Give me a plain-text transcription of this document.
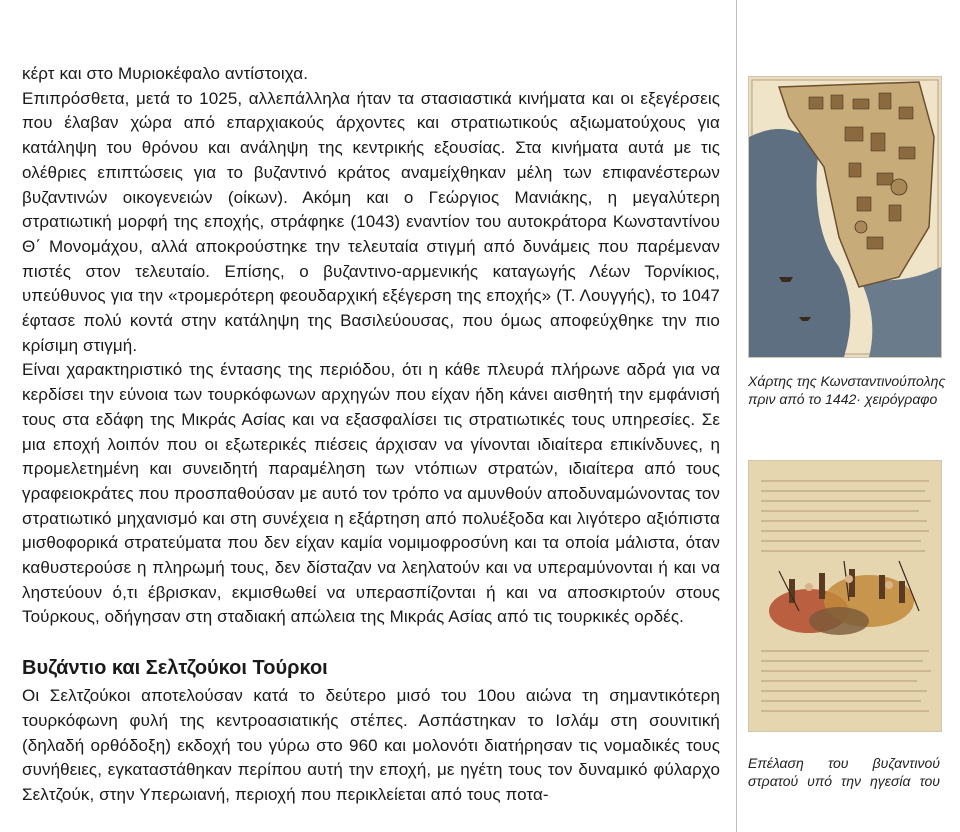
κέρτ και στο Μυριοκέφαλο αντίστοιχα.

Επιπρόσθετα, μετά το 1025, αλλεπάλληλα ήταν τα στασιαστικά κινήματα και οι εξεγέρσεις που έλαβαν χώρα από επαρχιακούς άρχοντες και στρατιωτικούς αξιωματούχους για κατάληψη του θρόνου και ανάληψη της κεντρικής εξουσίας. Στα κινήματα αυτά με τις ολέθριες επιπτώσεις για το βυζαντινό κράτος αναμείχθηκαν μέλη των επιφανέστερων βυζαντινών οικογενειών (οίκων). Ακόμη και ο Γεώργιος Μανιάκης, η μεγαλύτερη στρατιωτική μορφή της εποχής, στράφηκε (1043) εναντίον του αυτοκράτορα Κωνσταντίνου Θ΄ Μονομάχου, αλλά αποκρούστηκε την τελευταία στιγμή από δυνάμεις που παρέμεναν πιστές στον τελευταίο. Επίσης, ο βυζαντινο-αρμενικής καταγωγής Λέων Τορνίκιος, υπεύθυνος για την «τρομερότερη φεουδαρχική εξέγερση της εποχής» (Τ. Λουγγής), το 1047 έφτασε πολύ κοντά στην κατάληψη της Βασιλεύουσας, που όμως αποφεύχθηκε την πιο κρίσιμη στιγμή.

Είναι χαρακτηριστικό της έντασης της περιόδου, ότι η κάθε πλευρά πλήρωνε αδρά για να κερδίσει την εύνοια των τουρκόφωνων αρχηγών που είχαν ήδη κάνει αισθητή την εμφάνισή τους στα εδάφη της Μικράς Ασίας και να εξασφαλίσει τις στρατιωτικές τους υπηρεσίες. Σε μια εποχή λοιπόν που οι εξωτερικές πιέσεις άρχισαν να γίνονται ιδιαίτερα επικίνδυνες, η προμελετημένη και συνειδητή παραμέληση των ντόπιων στρατών, ιδιαίτερα από τους γραφειοκράτες που προσπαθούσαν με αυτό τον τρόπο να αμυνθούν αποδυναμώνοντας τον στρατιωτικό μηχανισμό και στη συνέχεια η εξάρτηση από πολυέξοδα και λιγότερο αξιόπιστα μισθοφορικά στρατεύματα που δεν είχαν καμία νομιμοφροσύνη και τα οποία μάλιστα, όταν καθυστερούσε η πληρωμή τους, δεν δίσταζαν να λεηλατούν και να υπεραμύνονται ή και να ληστεύουν ό,τι έβρισκαν, εκμισθωθεί να υπερασπίζονται ή και να αποσκιρτούν στους Τούρκους, οδήγησαν στη σταδιακή απώλεια της Μικράς Ασίας από τις τουρκικές ορδές.

Βυζάντιο και Σελτζούκοι Τούρκοι

Οι Σελτζούκοι αποτελούσαν κατά το δεύτερο μισό του 10ου αιώνα τη σημαντικότερη τουρκόφωνη φυλή της κεντροασιατικής στέπες. Ασπάστηκαν το Ισλάμ στη σουνιτική (δηλαδή ορθόδοξη) εκδοχή του γύρω στο 960 και μολονότι διατήρησαν τις νομαδικές τους συνήθειες, εγκαταστάθηκαν περίπου αυτή την εποχή, με ηγέτη τους τον δυναμικό φύλαρχο Σελτζούκ, στην Υπερωιανή, περιοχή που περικλείεται από τους ποτα-

Χάρτης της Κωνσταντινούπολης πριν από το 1442· χειρόγραφο
Επέλαση του βυζαντινού στρατού υπό την ηγεσία του
